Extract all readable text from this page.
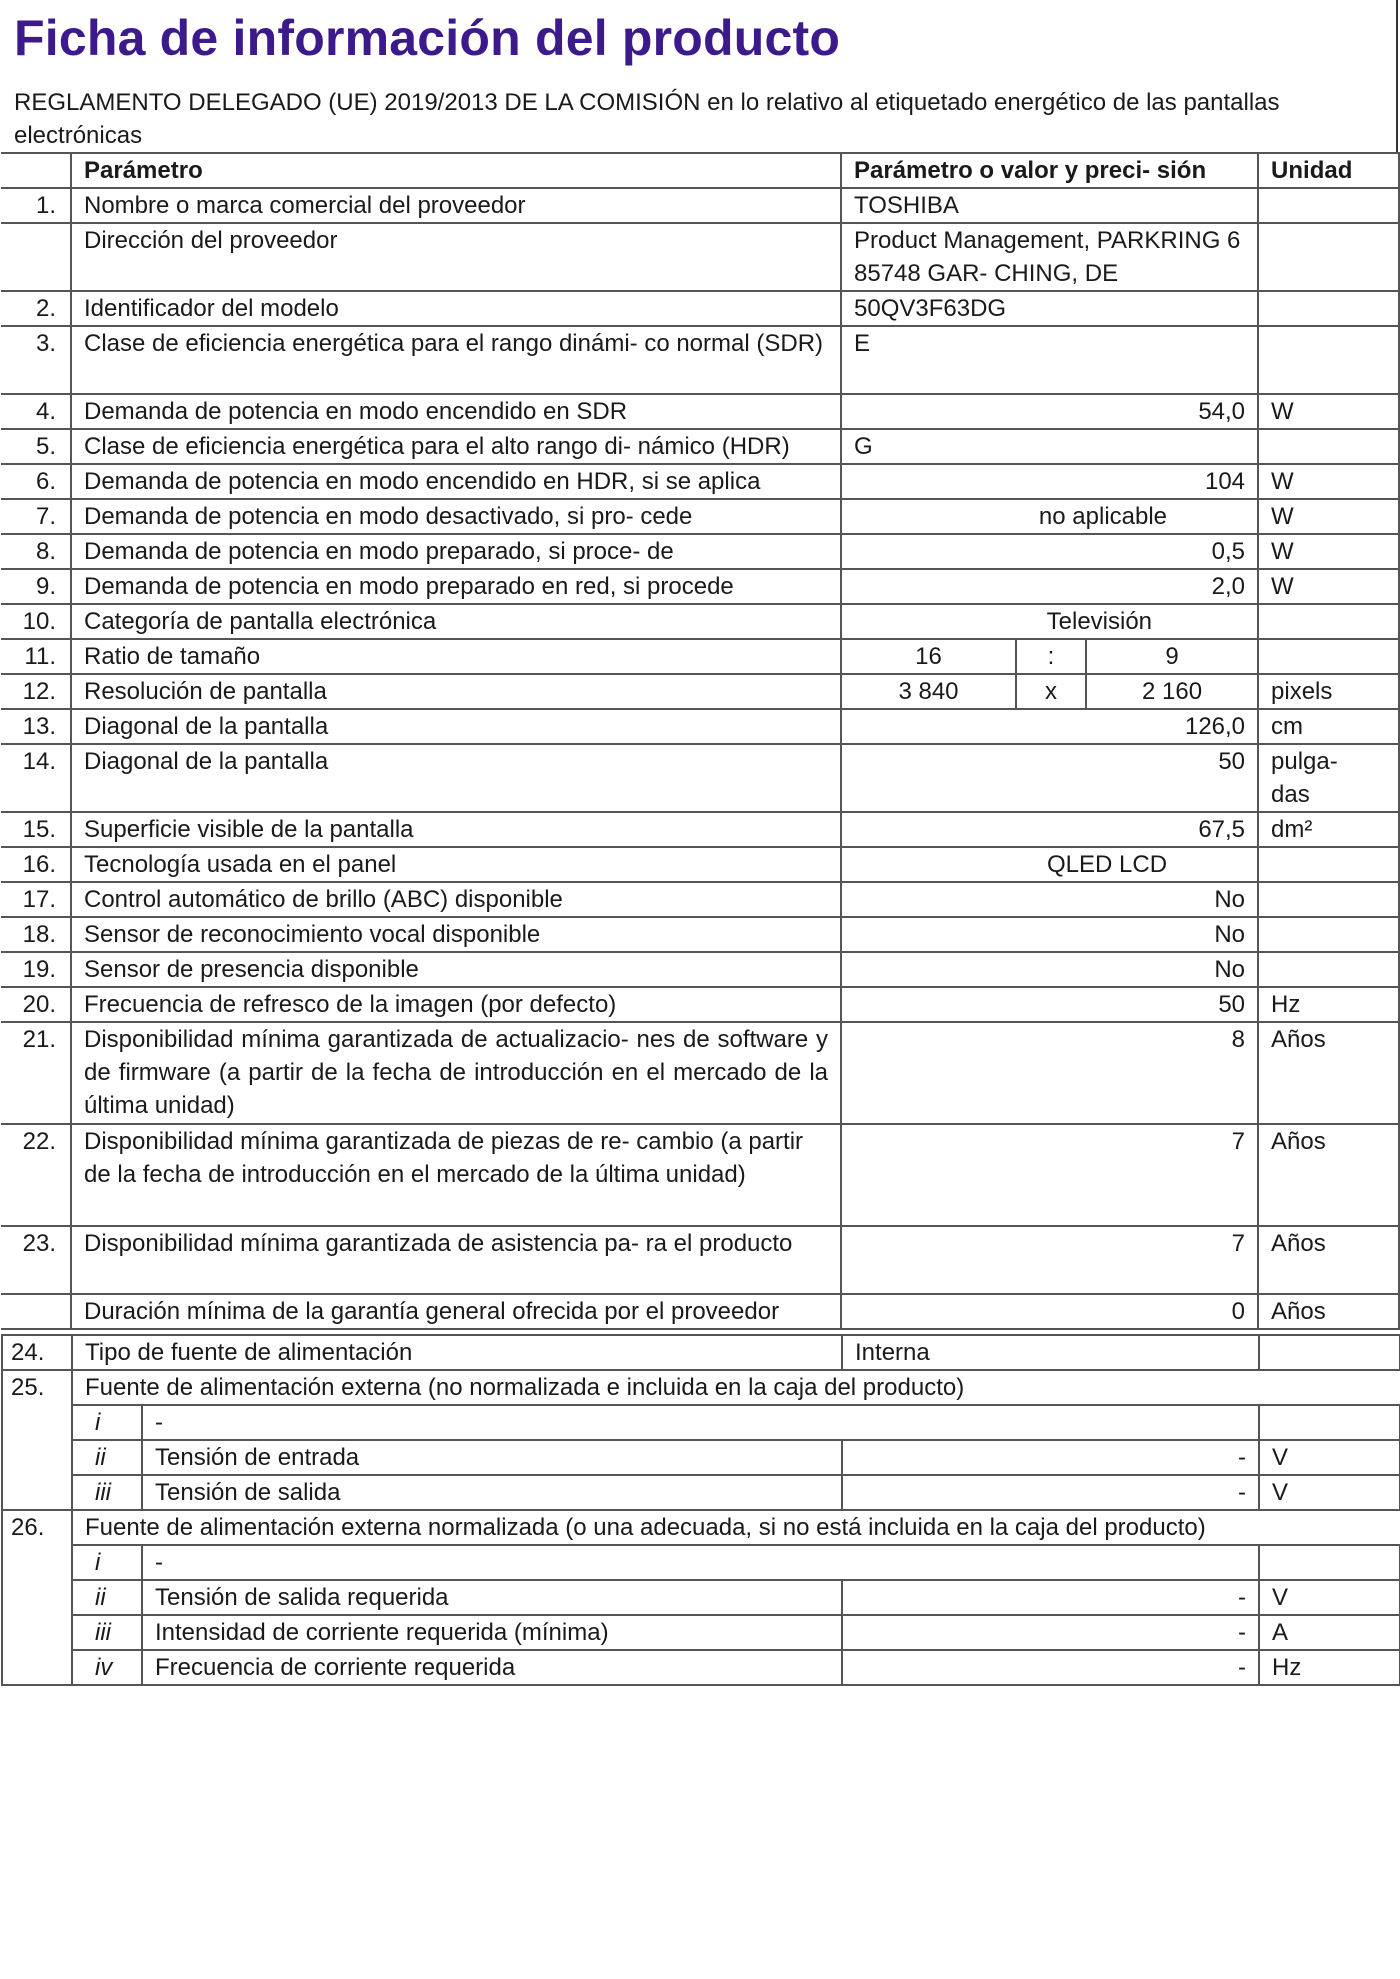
Ficha de información del producto

REGLAMENTO DELEGADO (UE) 2019/2013 DE LA COMISIÓN en lo relativo al etiquetado energético de las pantallas electrónicas

	Parámetro	Parámetro o valor y preci- sión			Unidad
1.	Nombre o marca comercial del proveedor	TOSHIBA			
	Dirección del proveedor	Product Management, PARKRING 6 85748 GAR- CHING, DE			
2.	Identificador del modelo	50QV3F63DG			
3.	Clase de eficiencia energética para el rango dinámi- co normal (SDR)	E			
4.	Demanda de potencia en modo encendido en SDR	54,0			W
5.	Clase de eficiencia energética para el alto rango di- námico (HDR)	G			
6.	Demanda de potencia en modo encendido en HDR, si se aplica	104			W
7.	Demanda de potencia en modo desactivado, si pro- cede	no aplicable			W
8.	Demanda de potencia en modo preparado, si proce- de	0,5			W
9.	Demanda de potencia en modo preparado en red, si procede	2,0			W
10.	Categoría de pantalla electrónica	Televisión			
11.	Ratio de tamaño	16	:	9	
12.	Resolución de pantalla	3 840	x	2 160	pixels
13.	Diagonal de la pantalla	126,0			cm
14.	Diagonal de la pantalla	50			pulga- das
15.	Superficie visible de la pantalla	67,5			dm²
16.	Tecnología usada en el panel	QLED LCD			
17.	Control automático de brillo (ABC) disponible	No			
18.	Sensor de reconocimiento vocal disponible	No			
19.	Sensor de presencia disponible	No			
20.	Frecuencia de refresco de la imagen (por defecto)	50			Hz
21.	Disponibilidad mínima garantizada de actualizacio- nes de software y de firmware (a partir de la fecha de introducción en el mercado de la última unidad)	8			Años
22.	Disponibilidad mínima garantizada de piezas de re- cambio (a partir de la fecha de introducción en el mercado de la última unidad)	7			Años
23.	Disponibilidad mínima garantizada de asistencia pa- ra el producto	7			Años
	Duración mínima de la garantía general ofrecida por el proveedor	0			Años
24.	Tipo de fuente de alimentación		Interna	
25.	Fuente de alimentación externa (no normalizada e incluida en la caja del producto)			
	i	-		
	ii	Tensión de entrada	-	V
	iii	Tensión de salida	-	V
26.	Fuente de alimentación externa normalizada (o una adecuada, si no está incluida en la caja del producto)			
	i	-		
	ii	Tensión de salida requerida	-	V
	iii	Intensidad de corriente requerida (mínima)	-	A
	iv	Frecuencia de corriente requerida	-	Hz
